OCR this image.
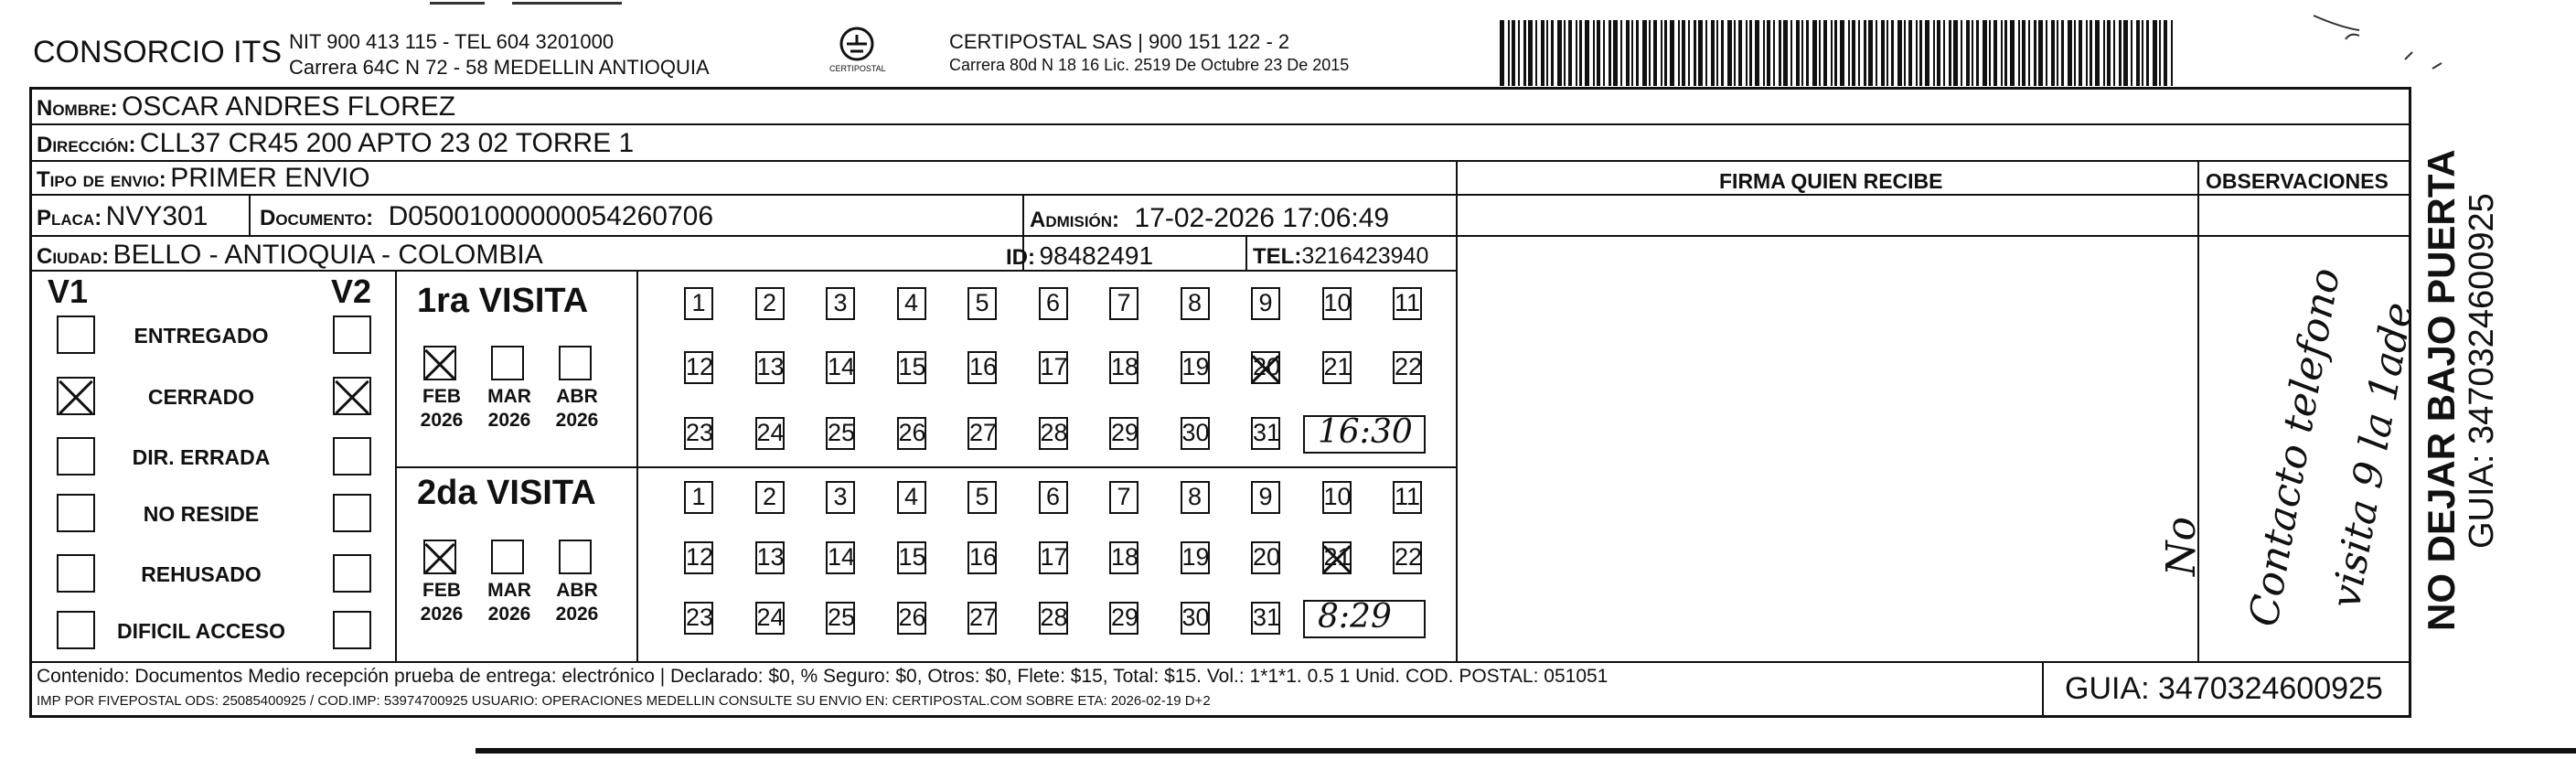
CONSORCIO ITS NIT 900 413 115 - TEL 604 3201000
Carrera 64C N 72 - 58 MEDELLIN ANTIOQUIA	CERTIPOSTAL
CERTIPOSTAL SAS | 900 151 122 - 2
Carrera 80d N 18 16 Lic. 2519 De Octubre 23 De 2015
Nombre: OSCAR ANDRES FLOREZ
Dirección: CLL37 CR45 200 APTO 23 02 TORRE 1
Tipo de envio: PRIMER ENVIO	FIRMA QUIEN RECIBE	OBSERVACIONES
Placa: NVY301 Documento: D05001000000054260706	Admisión: 17-02-2026 17:06:49
Ciudad: BELLO - ANTIOQUIA - COLOMBIA	ID: 98482491	TEL:3216423940
V1	V2
ENTREGADO
CERRADO
DIR. ERRADA
NO RESIDE
REHUSADO
DIFICIL ACCESO
1ra VISITA
FEB
2026
MAR
2026
ABR
2026
1	2	3	4	5	6	7	8	9	10 11
12 13 14 15 16 17 18 19 20 21 22
23 24 25 26 27 28 29 30 31 16:30
2da VISITA
FEB
2026
MAR
2026
ABR
2026
1	2	3	4	5	6	7	8	9	10 11
12 13 14 15 16 17 18 19 20 21 22
23 24 25 26 27 28 29 30 31 8:29
No Contacto telefono
visita 9 la 1ade
NO DEJAR BAJO PUERTA GUIA: 3470324600925
Contenido: Documentos Medio recepción prueba de entrega: electrónico | Declarado: $0, % Seguro: $0, Otros: $0, Flete: $15, Total: $15. Vol.: 1*1*1. 0.5 1 Unid. COD. POSTAL: 051051
IMP POR FIVEPOSTAL ODS: 25085400925 / COD.IMP: 53974700925 USUARIO: OPERACIONES MEDELLIN CONSULTE SU ENVIO EN: CERTIPOSTAL.COM SOBRE ETA: 2026-02-19 D+2	GUIA: 3470324600925
